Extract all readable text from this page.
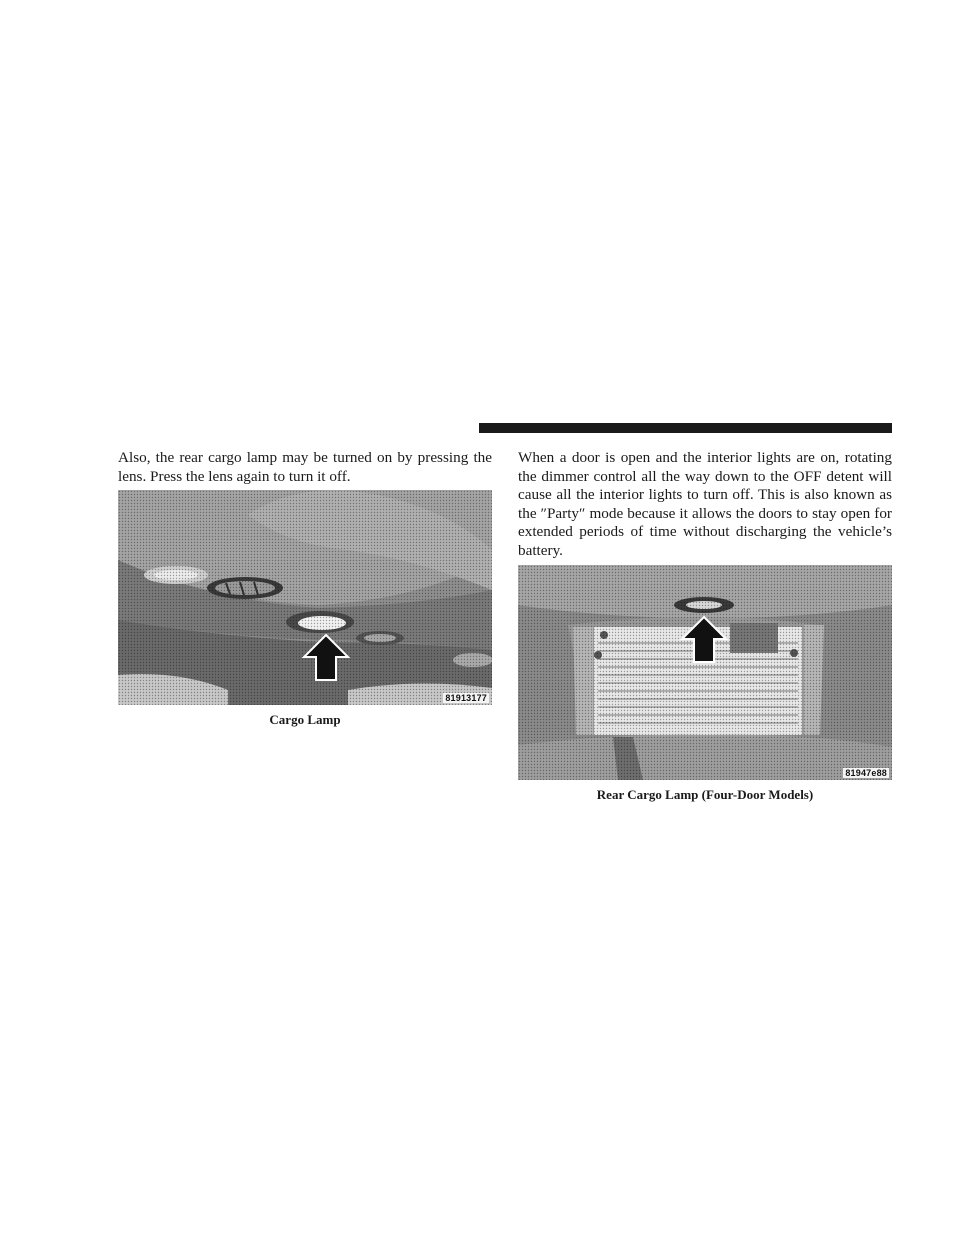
Also, the rear cargo lamp may be turned on by pressing the lens. Press the lens again to turn it off.

81913177
Cargo Lamp

When a door is open and the interior lights are on, rotating the dimmer control all the way down to the OFF detent will cause all the interior lights to turn off. This is also known as the ″Party″ mode because it allows the doors to stay open for extended periods of time without discharging the vehicle’s battery.

81947e88
Rear Cargo Lamp (Four-Door Models)
